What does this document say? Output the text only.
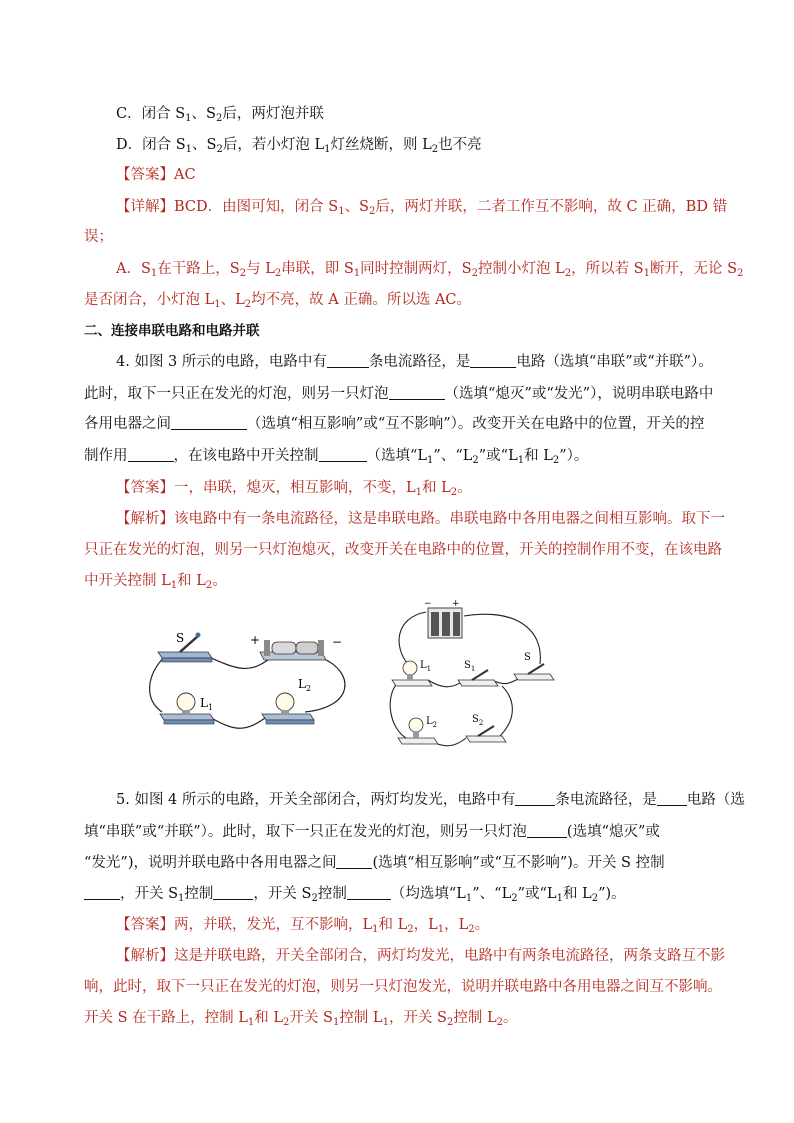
C．闭合 $S_1$、$S_2$后，两灯泡并联
D．闭合 $S_1$、$S_2$后，若小灯泡 $L_1$灯丝烧断，则 $L_2$也不亮
【答案】AC
【详解】BCD．由图可知，闭合 $S_1$、$S_2$后，两灯并联，二者工作互不影响，故 C 正确，BD 错
误；
A．$S_1$在干路上，$S_2$与 $L_2$串联，即 $S_1$同时控制两灯，$S_2$控制小灯泡 $L_2$，所以若 $S_1$断开，无论 $S_2$
是否闭合，小灯泡 $L_1$、$L_2$均不亮，故 A 正确。所以选 AC。
二、连接串联电路和电路并联
4. 如图 3 所示的电路，电路中有	条电流路径，是	电路（选填“串联”或“并联”）。
此时，取下一只正在发光的灯泡，则另一只灯泡	（选填“熄灭”或“发光”），说明串联电路中
各用电器之间	（选填“相互影响”或“互不影响”）。改变开关在电路中的位置，开关的控
制作用	，在该电路中开关控制	（选填“$L_1$”、“$L_2$”或“$L_1$和 $L_2$”）。
【答案】一，串联，熄灭，相互影响，不变，$L_1$和 $L_2$。
【解析】该电路中有一条电流路径，这是串联电路。串联电路中各用电器之间相互影响。取下一
只正在发光的灯泡，则另一只灯泡熄灭，改变开关在电路中的位置，开关的控制作用不变，在该电路
中开关控制 $L_1$和 $L_2$。
S	+	−
$L_1$
$L_2$
− +
$L_1$	$S_1$
S
$L_2$	$S_2$
5. 如图 4 所示的电路，开关全部闭合，两灯均发光，电路中有	条电流路径，是 电路（选
填“串联”或“并联”）。此时，取下一只正在发光的灯泡，则另一只灯泡	(选填“熄灭”或
“发光”)，说明并联电路中各用电器之间 (选填“相互影响”或“互不影响”)。开关 S 控制
，开关 $S_1$控制	，开关 $S_2$控制	（均选填“$L_1$”、“$L_2$”或“$L_1$和 $L_2$”)。
【答案】两，并联，发光，互不影响，$L_1$和 $L_2$，$L_1$，$L_2$。
【解析】这是并联电路，开关全部闭合，两灯均发光，电路中有两条电流路径，两条支路互不影
响，此时，取下一只正在发光的灯泡，则另一只灯泡发光，说明并联电路中各用电器之间互不影响。
开关 S 在干路上，控制 $L_1$和 $L_2$开关 $S_1$控制 $L_1$，开关 $S_2$控制 $L_2$。
